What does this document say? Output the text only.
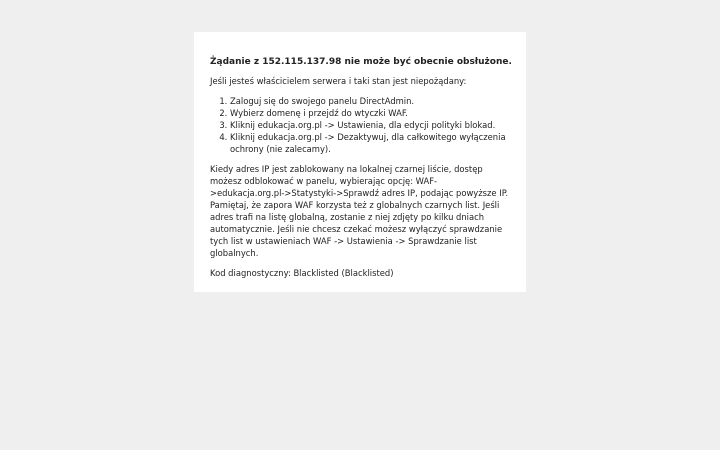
Żądanie z 152.115.137.98 nie może być obecnie obsłużone.

Jeśli jesteś właścicielem serwera i taki stan jest niepożądany:

1. Zaloguj się do swojego panelu DirectAdmin.
2. Wybierz domenę i przejdź do wtyczki WAF.
3. Kliknij edukacja.org.pl -> Ustawienia, dla edycji polityki blokad.
4. Kliknij edukacja.org.pl -> Dezaktywuj, dla całkowitego wyłączenia ochrony (nie zalecamy).

Kiedy adres IP jest zablokowany na lokalnej czarnej liście, dostęp możesz odblokować w panelu, wybierając opcję: WAF->edukacja.org.pl->Statystyki->Sprawdź adres IP, podając powyższe IP. Pamiętaj, że zapora WAF korzysta też z globalnych czarnych list. Jeśli adres trafi na listę globalną, zostanie z niej zdjęty po kilku dniach automatycznie. Jeśli nie chcesz czekać możesz wyłączyć sprawdzanie tych list w ustawieniach WAF -> Ustawienia -> Sprawdzanie list globalnych.

Kod diagnostyczny: Blacklisted (Blacklisted)
